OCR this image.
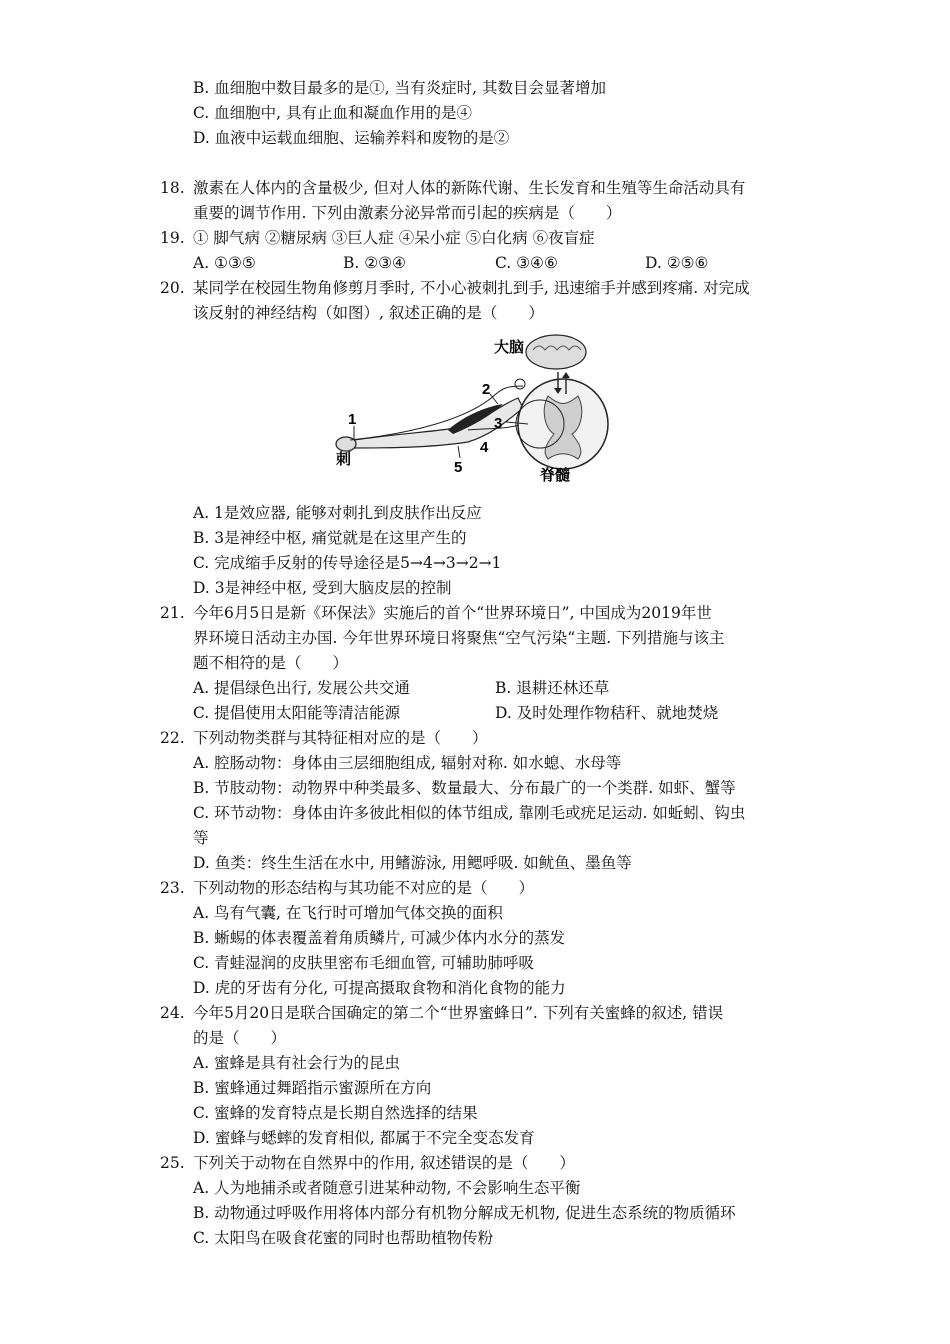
B. 血细胞中数目最多的是①, 当有炎症时, 其数目会显著增加
C. 血细胞中, 具有止血和凝血作用的是④
D. 血液中运载血细胞、运输养料和废物的是②
18. 激素在人体内的含量极少, 但对人体的新陈代谢、生长发育和生殖等生命活动具有
重要的调节作用. 下列由激素分泌异常而引起的疾病是（　　）
19. ① 脚气病 ②糖尿病 ③巨人症 ④呆小症 ⑤白化病 ⑥夜盲症
A. ①③⑤	B. ②③④	C. ③④⑥	D. ②⑤⑥
20. 某同学在校园生物角修剪月季时, 不小心被刺扎到手, 迅速缩手并感到疼痛. 对完成
该反射的神经结构（如图）, 叙述正确的是（　　）
大脑
脊髓
刺
1
2
3
4
5
A. 1是效应器, 能够对刺扎到皮肤作出反应
B. 3是神经中枢, 痛觉就是在这里产生的
C. 完成缩手反射的传导途径是5→4→3→2→1
D. 3是神经中枢, 受到大脑皮层的控制
21. 今年6月5日是新《环保法》实施后的首个“世界环境日”, 中国成为2019年世
界环境日活动主办国. 今年世界环境日将聚焦“空气污染“主题. 下列措施与该主
题不相符的是（　　）
A. 提倡绿色出行, 发展公共交通	B. 退耕还林还草
C. 提倡使用太阳能等清洁能源	D. 及时处理作物秸秆、就地焚烧
22. 下列动物类群与其特征相对应的是（　　）
A. 腔肠动物：身体由三层细胞组成, 辐射对称. 如水螅、水母等
B. 节肢动物：动物界中种类最多、数量最大、分布最广的一个类群. 如虾、蟹等
C. 环节动物：身体由许多彼此相似的体节组成, 靠刚毛或疣足运动. 如蚯蚓、钩虫
等
D. 鱼类：终生生活在水中, 用鳍游泳, 用鳃呼吸. 如鱿鱼、墨鱼等
23. 下列动物的形态结构与其功能不对应的是（　　）
A. 鸟有气囊, 在飞行时可增加气体交换的面积
B. 蜥蜴的体表覆盖着角质鳞片, 可减少体内水分的蒸发
C. 青蛙湿润的皮肤里密布毛细血管, 可辅助肺呼吸
D. 虎的牙齿有分化, 可提高摄取食物和消化食物的能力
24. 今年5月20日是联合国确定的第二个“世界蜜蜂日”. 下列有关蜜蜂的叙述, 错误
的是（　　）
A. 蜜蜂是具有社会行为的昆虫
B. 蜜蜂通过舞蹈指示蜜源所在方向
C. 蜜蜂的发育特点是长期自然选择的结果
D. 蜜蜂与蟋蟀的发育相似, 都属于不完全变态发育
25. 下列关于动物在自然界中的作用, 叙述错误的是（　　）
A. 人为地捕杀或者随意引进某种动物, 不会影响生态平衡
B. 动物通过呼吸作用将体内部分有机物分解成无机物, 促进生态系统的物质循环
C. 太阳鸟在吸食花蜜的同时也帮助植物传粉
